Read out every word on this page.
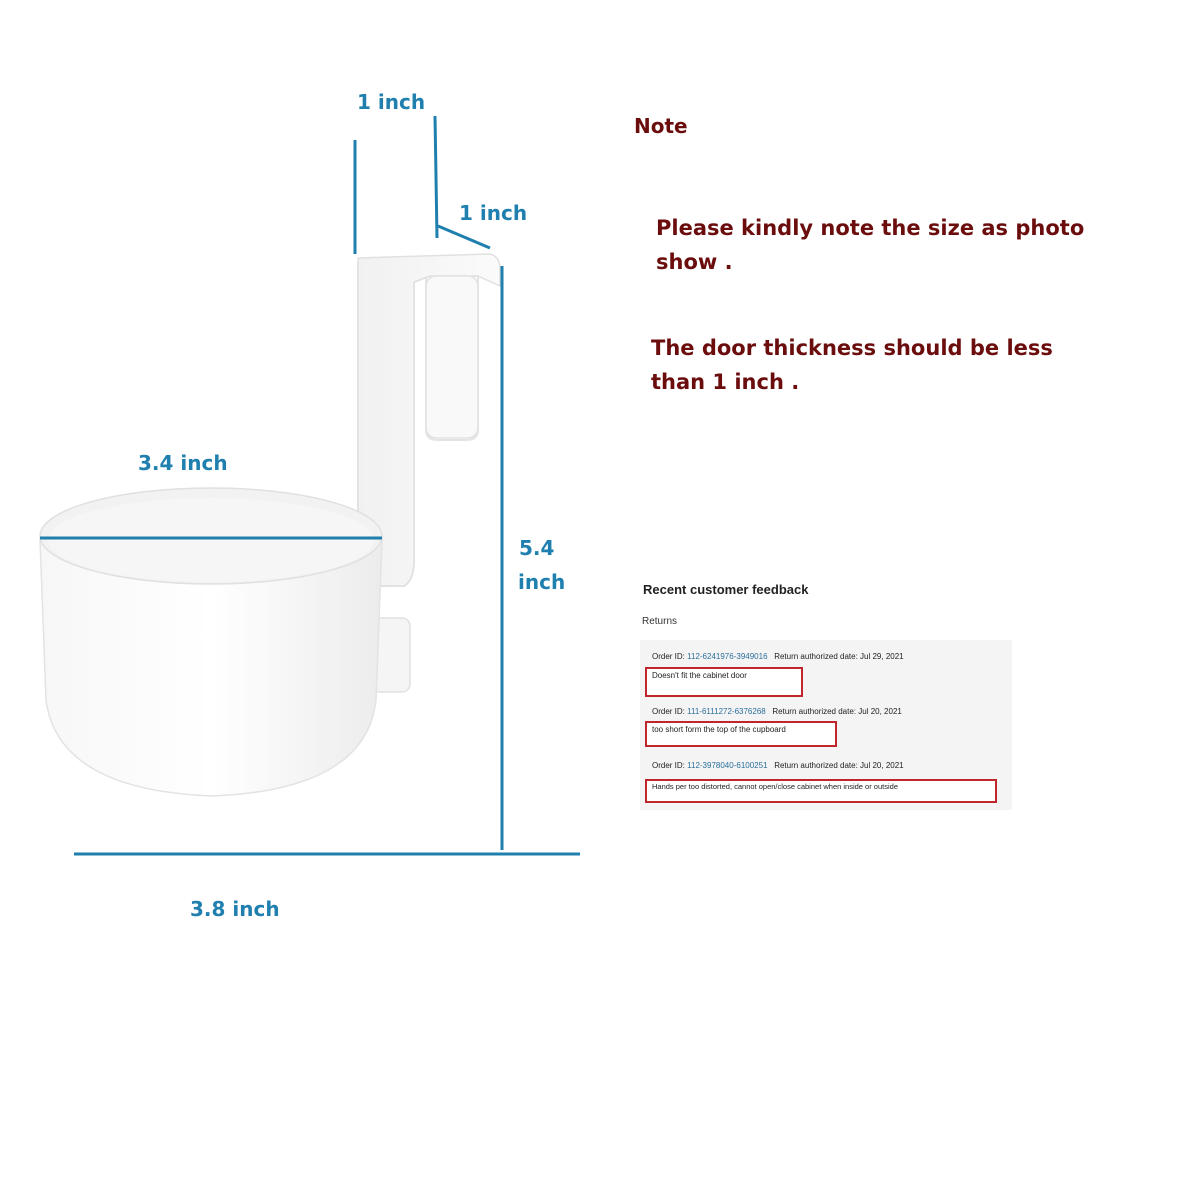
1 inch
1 inch
3.4 inch
5.4
inch
3.8 inch
Note
Please kindly note the size as photo
show .
The door thickness should be less
than 1 inch .
Recent customer feedback
Returns
Order ID: 112-6241976-3949016 Return authorized date: Jul 29, 2021
Doesn't fit the cabinet door
Order ID: 111-6111272-6376268 Return authorized date: Jul 20, 2021
too short form the top of the cupboard
Order ID: 112-3978040-6100251 Return authorized date: Jul 20, 2021
Hands per too distorted, cannot open/close cabinet when inside or outside
